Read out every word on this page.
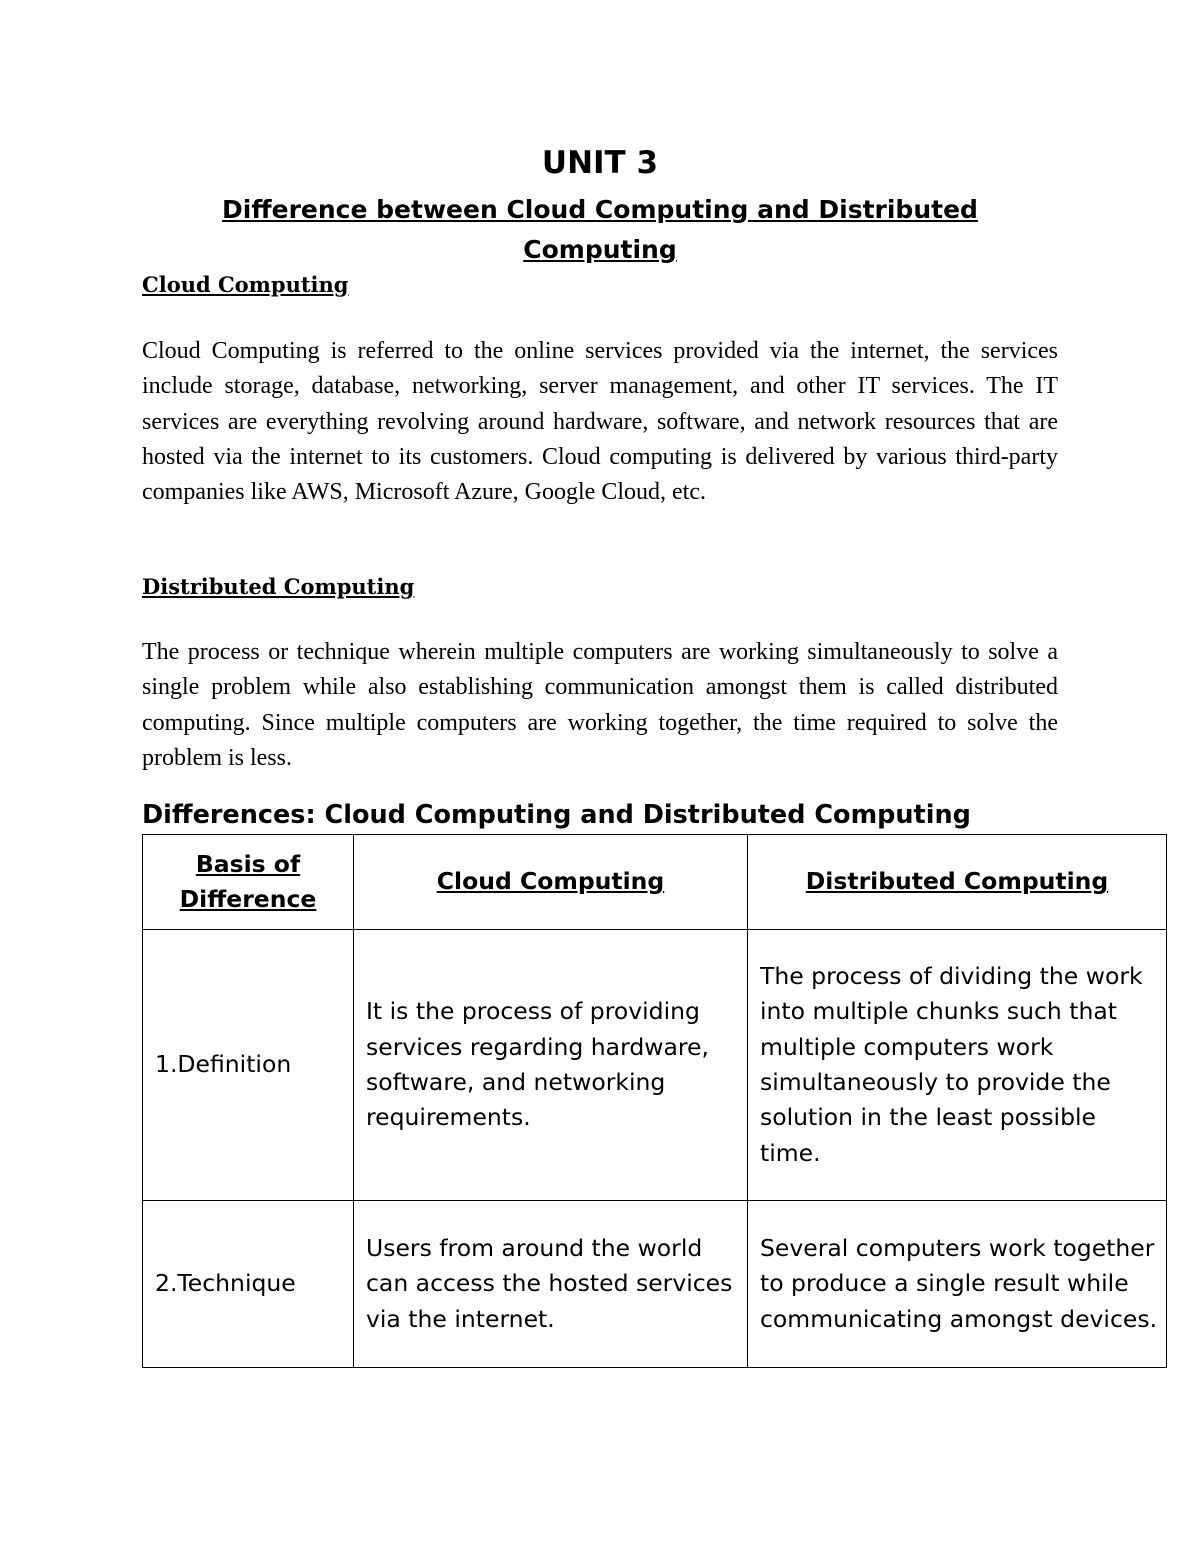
UNIT 3
Difference between Cloud Computing and Distributed
Computing
Cloud Computing

Cloud Computing is referred to the online services provided via the internet, the services include storage, database, networking, server management, and other IT services. The IT services are everything revolving around hardware, software, and network resources that are hosted via the internet to its customers. Cloud computing is delivered by various third-party companies like AWS, Microsoft Azure, Google Cloud, etc.

Distributed Computing

The process or technique wherein multiple computers are working simultaneously to solve a single problem while also establishing communication amongst them is called distributed computing. Since multiple computers are working together, the time required to solve the problem is less.

Differences: Cloud Computing and Distributed Computing
Basis of Difference	Cloud Computing	Distributed Computing
1.Definition	It is the process of providing services regarding hardware, software, and networking requirements.	The process of dividing the work into multiple chunks such that multiple computers work simultaneously to provide the solution in the least possible time.
2.Technique	Users from around the world can access the hosted services via the internet.	Several computers work together to produce a single result while communicating amongst devices.
